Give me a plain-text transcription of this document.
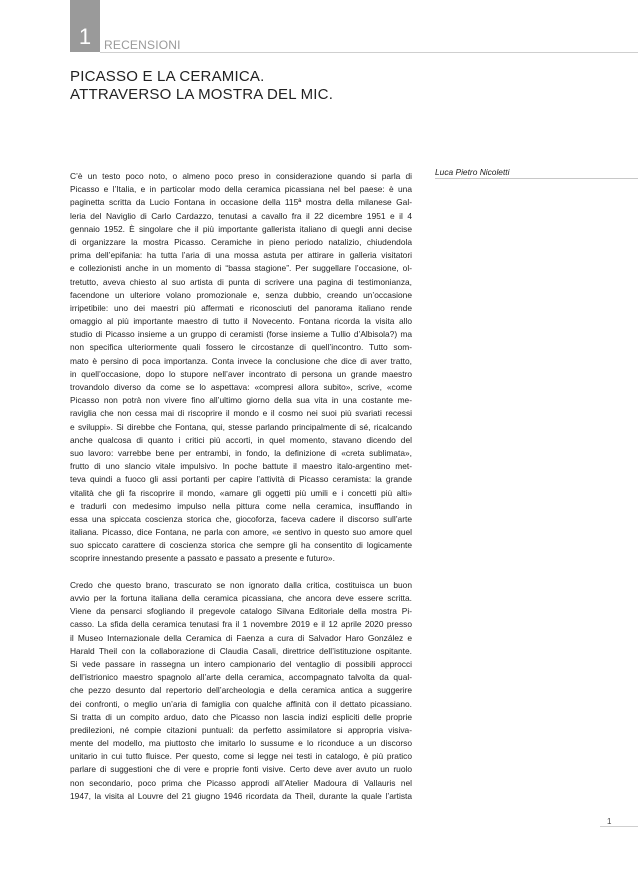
1	RECENSIONI
PICASSO E LA CERAMICA.
ATTRAVERSO LA MOSTRA DEL MIC.
Luca Pietro Nicoletti
C’è un testo poco noto, o almeno poco preso in considerazione quando si parla di
Picasso e l’Italia, e in particolar modo della ceramica picassiana nel bel paese: è una
paginetta scritta da Lucio Fontana in occasione della 115ª mostra della milanese Gal-
leria del Naviglio di Carlo Cardazzo, tenutasi a cavallo fra il 22 dicembre 1951 e il 4
gennaio 1952. È singolare che il più importante gallerista italiano di quegli anni decise
di organizzare la mostra Picasso. Ceramiche in pieno periodo natalizio, chiudendola
prima dell’epifania: ha tutta l’aria di una mossa astuta per attirare in galleria visitatori
e collezionisti anche in un momento di “bassa stagione”. Per suggellare l’occasione, ol-
tretutto, aveva chiesto al suo artista di punta di scrivere una pagina di testimonianza,
facendone un ulteriore volano promozionale e, senza dubbio, creando un’occasione
irripetibile: uno dei maestri più affermati e riconosciuti del panorama italiano rende
omaggio al più importante maestro di tutto il Novecento. Fontana ricorda la visita allo
studio di Picasso insieme a un gruppo di ceramisti (forse insieme a Tullio d’Albisola?) ma
non specifica ulteriormente quali fossero le circostanze di quell’incontro. Tutto som-
mato è persino di poca importanza. Conta invece la conclusione che dice di aver tratto,
in quell’occasione, dopo lo stupore nell’aver incontrato di persona un grande maestro
trovandolo diverso da come se lo aspettava: «compresi allora subito», scrive, «come
Picasso non potrà non vivere fino all’ultimo giorno della sua vita in una costante me-
raviglia che non cessa mai di riscoprire il mondo e il cosmo nei suoi più svariati recessi
e sviluppi». Si direbbe che Fontana, qui, stesse parlando principalmente di sé, ricalcando
anche qualcosa di quanto i critici più accorti, in quel momento, stavano dicendo del
suo lavoro: varrebbe bene per entrambi, in fondo, la definizione di «creta sublimata»,
frutto di uno slancio vitale impulsivo. In poche battute il maestro italo-argentino met-
teva quindi a fuoco gli assi portanti per capire l’attività di Picasso ceramista: la grande
vitalità che gli fa riscoprire il mondo, «amare gli oggetti più umili e i concetti più alti»
e tradurli con medesimo impulso nella pittura come nella ceramica, insufflando in
essa una spiccata coscienza storica che, giocoforza, faceva cadere il discorso sull’arte
italiana. Picasso, dice Fontana, ne parla con amore, «e sentivo in questo suo amore quel
suo spiccato carattere di coscienza storica che sempre gli ha consentito di logicamente
scoprire innestando presente a passato e passato a presente e futuro».
Credo che questo brano, trascurato se non ignorato dalla critica, costituisca un buon
avvio per la fortuna italiana della ceramica picassiana, che ancora deve essere scritta.
Viene da pensarci sfogliando il pregevole catalogo Silvana Editoriale della mostra Pi-
casso. La sfida della ceramica tenutasi fra il 1 novembre 2019 e il 12 aprile 2020 presso
il Museo Internazionale della Ceramica di Faenza a cura di Salvador Haro González e
Harald Theil con la collaborazione di Claudia Casali, direttrice dell’istituzione ospitante.
Si vede passare in rassegna un intero campionario del ventaglio di possibili approcci
dell’istrionico maestro spagnolo all’arte della ceramica, accompagnato talvolta da qual-
che pezzo desunto dal repertorio dell’archeologia e della ceramica antica a suggerire
dei confronti, o meglio un’aria di famiglia con qualche affinità con il dettato picassiano.
Si tratta di un compito arduo, dato che Picasso non lascia indizi espliciti delle proprie
predilezioni, né compie citazioni puntuali: da perfetto assimilatore si appropria visiva-
mente del modello, ma piuttosto che imitarlo lo sussume e lo riconduce a un discorso
unitario in cui tutto fluisce. Per questo, come si legge nei testi in catalogo, è più pratico
parlare di suggestioni che di vere e proprie fonti visive. Certo deve aver avuto un ruolo
non secondario, poco prima che Picasso approdi all’Atelier Madoura di Vallauris nel
1947, la visita al Louvre del 21 giugno 1946 ricordata da Theil, durante la quale l’artista
1
